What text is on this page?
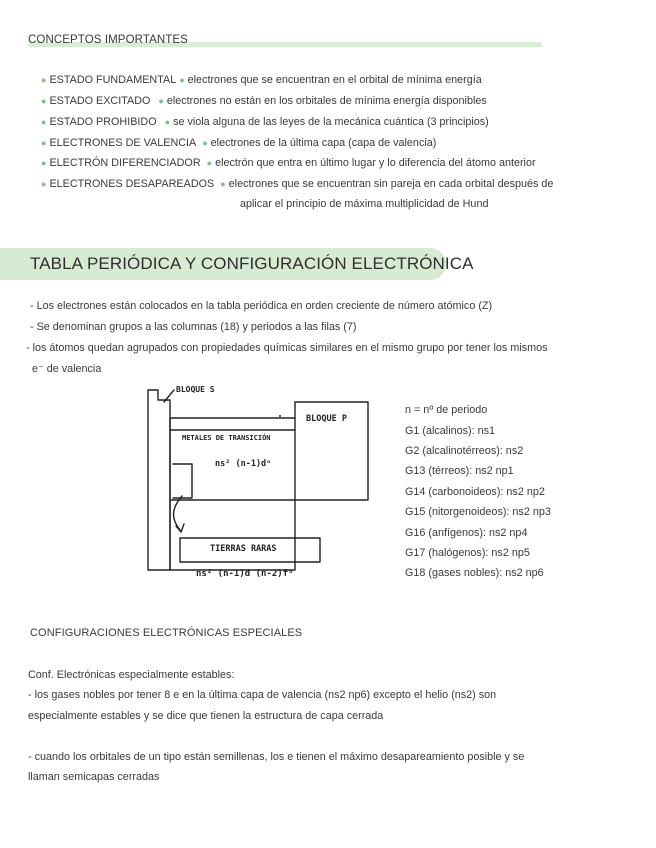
CONCEPTOS IMPORTANTES
● ESTADO FUNDAMENTAL ● electrones que se encuentran en el orbital de mínima energía
● ESTADO EXCITADO ● electrones no están en los orbitales de mínima energía disponibles
● ESTADO PROHIBIDO ● se viola alguna de las leyes de la mecánica cuántica (3 principios)
● ELECTRONES DE VALENCIA ● electrones de la última capa (capa de valencia)
● ELECTRÓN DIFERENCIADOR ● electrón que entra en último lugar y lo diferencia del átomo anterior
● ELECTRONES DESAPAREADOS ● electrones que se encuentran sin pareja en cada orbital después de
aplicar el principio de máxima multiplicidad de Hund
TABLA PERIÓDICA Y CONFIGURACIÓN ELECTRÓNICA
- Los electrones están colocados en la tabla periódica en orden creciente de número atómico (Z)
- Se denominan grupos a las columnas (18) y periodos a las filas (7)
- los átomos quedan agrupados con propiedades químicas similares en el mismo grupo por tener los mismos
e⁻ de valencia
BLOQUE S
BLOQUE P
METALES DE TRANSICIÓN
ns² (n-1)dⁿ
TIERRAS RARAS
ns² (n-1)d (n-2)fⁿ
n = nº de periodo
G1 (alcalinos): ns1
G2 (alcalinotérreos): ns2
G13 (térreos): ns2 np1
G14 (carbonoideos): ns2 np2
G15 (nitorgenoideos): ns2 np3
G16 (anfígenos): ns2 np4
G17 (halógenos): ns2 np5
G18 (gases nobles): ns2 np6
CONFIGURACIONES ELECTRÓNICAS ESPECIALES
Conf. Electrónicas especialmente estables:
- los gases nobles por tener 8 e en la última capa de valencia (ns2 np6) excepto el helio (ns2) son
especialmente estables y se dice que tienen la estructura de capa cerrada
- cuando los orbitales de un tipo están semillenas, los e tienen el máximo desapareamiento posible y se
llaman semicapas cerradas
